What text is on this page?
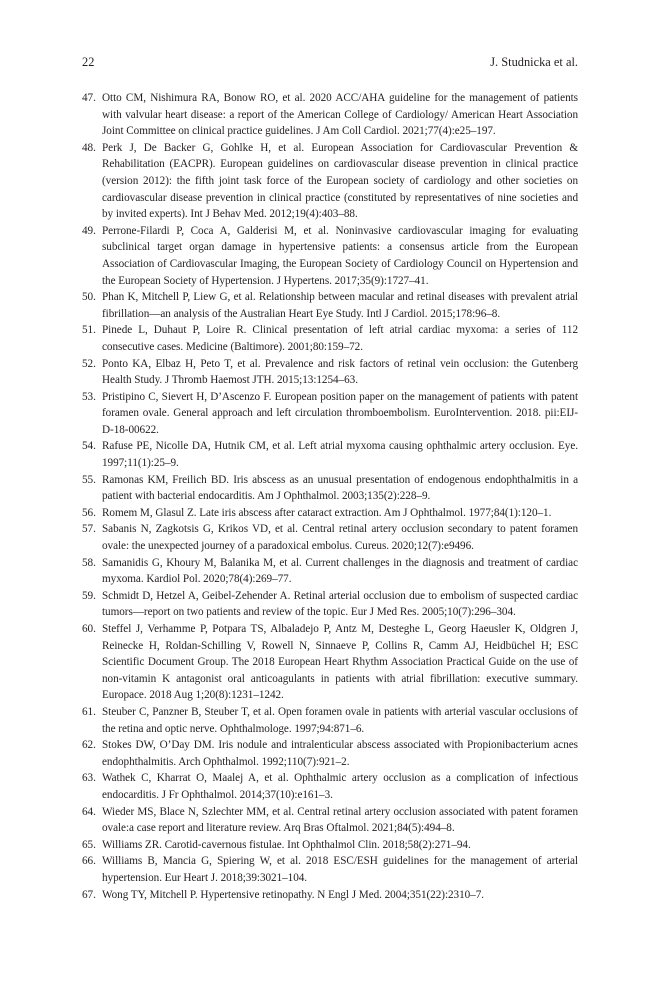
22	J. Studnicka et al.
47. Otto CM, Nishimura RA, Bonow RO, et al. 2020 ACC/AHA guideline for the management of patients with valvular heart disease: a report of the American College of Cardiology/ American Heart Association Joint Committee on clinical practice guidelines. J Am Coll Cardiol. 2021;77(4):e25–197.
48. Perk J, De Backer G, Gohlke H, et al. European Association for Cardiovascular Prevention & Rehabilitation (EACPR). European guidelines on cardiovascular disease prevention in clinical practice (version 2012): the fifth joint task force of the European society of cardiology and other societies on cardiovascular disease prevention in clinical practice (constituted by representatives of nine societies and by invited experts). Int J Behav Med. 2012;19(4):403–88.
49. Perrone-Filardi P, Coca A, Galderisi M, et al. Noninvasive cardiovascular imaging for evaluating subclinical target organ damage in hypertensive patients: a consensus article from the European Association of Cardiovascular Imaging, the European Society of Cardiology Council on Hypertension and the European Society of Hypertension. J Hypertens. 2017;35(9):1727–41.
50. Phan K, Mitchell P, Liew G, et al. Relationship between macular and retinal diseases with prevalent atrial fibrillation—an analysis of the Australian Heart Eye Study. Intl J Cardiol. 2015;178:96–8.
51. Pinede L, Duhaut P, Loire R. Clinical presentation of left atrial cardiac myxoma: a series of 112 consecutive cases. Medicine (Baltimore). 2001;80:159–72.
52. Ponto KA, Elbaz H, Peto T, et al. Prevalence and risk factors of retinal vein occlusion: the Gutenberg Health Study. J Thromb Haemost JTH. 2015;13:1254–63.
53. Pristipino C, Sievert H, D’Ascenzo F. European position paper on the management of patients with patent foramen ovale. General approach and left circulation thromboembolism. EuroIntervention. 2018. pii:EIJ-D-18-00622.
54. Rafuse PE, Nicolle DA, Hutnik CM, et al. Left atrial myxoma causing ophthalmic artery occlusion. Eye. 1997;11(1):25–9.
55. Ramonas KM, Freilich BD. Iris abscess as an unusual presentation of endogenous endophthalmitis in a patient with bacterial endocarditis. Am J Ophthalmol. 2003;135(2):228–9.
56. Romem M, Glasul Z. Late iris abscess after cataract extraction. Am J Ophthalmol. 1977;84(1):120–1.
57. Sabanis N, Zagkotsis G, Krikos VD, et al. Central retinal artery occlusion secondary to patent foramen ovale: the unexpected journey of a paradoxical embolus. Cureus. 2020;12(7):e9496.
58. Samanidis G, Khoury M, Balanika M, et al. Current challenges in the diagnosis and treatment of cardiac myxoma. Kardiol Pol. 2020;78(4):269–77.
59. Schmidt D, Hetzel A, Geibel-Zehender A. Retinal arterial occlusion due to embolism of suspected cardiac tumors—report on two patients and review of the topic. Eur J Med Res. 2005;10(7):296–304.
60. Steffel J, Verhamme P, Potpara TS, Albaladejo P, Antz M, Desteghe L, Georg Haeusler K, Oldgren J, Reinecke H, Roldan-Schilling V, Rowell N, Sinnaeve P, Collins R, Camm AJ, Heidbüchel H; ESC Scientific Document Group. The 2018 European Heart Rhythm Association Practical Guide on the use of non-vitamin K antagonist oral anticoagulants in patients with atrial fibrillation: executive summary. Europace. 2018 Aug 1;20(8):1231–1242.
61. Steuber C, Panzner B, Steuber T, et al. Open foramen ovale in patients with arterial vascular occlusions of the retina and optic nerve. Ophthalmologe. 1997;94:871–6.
62. Stokes DW, O’Day DM. Iris nodule and intralenticular abscess associated with Propionibacterium acnes endophthalmitis. Arch Ophthalmol. 1992;110(7):921–2.
63. Wathek C, Kharrat O, Maalej A, et al. Ophthalmic artery occlusion as a complication of infectious endocarditis. J Fr Ophthalmol. 2014;37(10):e161–3.
64. Wieder MS, Blace N, Szlechter MM, et al. Central retinal artery occlusion associated with patent foramen ovale:a case report and literature review. Arq Bras Oftalmol. 2021;84(5):494–8.
65. Williams ZR. Carotid-cavernous fistulae. Int Ophthalmol Clin. 2018;58(2):271–94.
66. Williams B, Mancia G, Spiering W, et al. 2018 ESC/ESH guidelines for the management of arterial hypertension. Eur Heart J. 2018;39:3021–104.
67. Wong TY, Mitchell P. Hypertensive retinopathy. N Engl J Med. 2004;351(22):2310–7.
